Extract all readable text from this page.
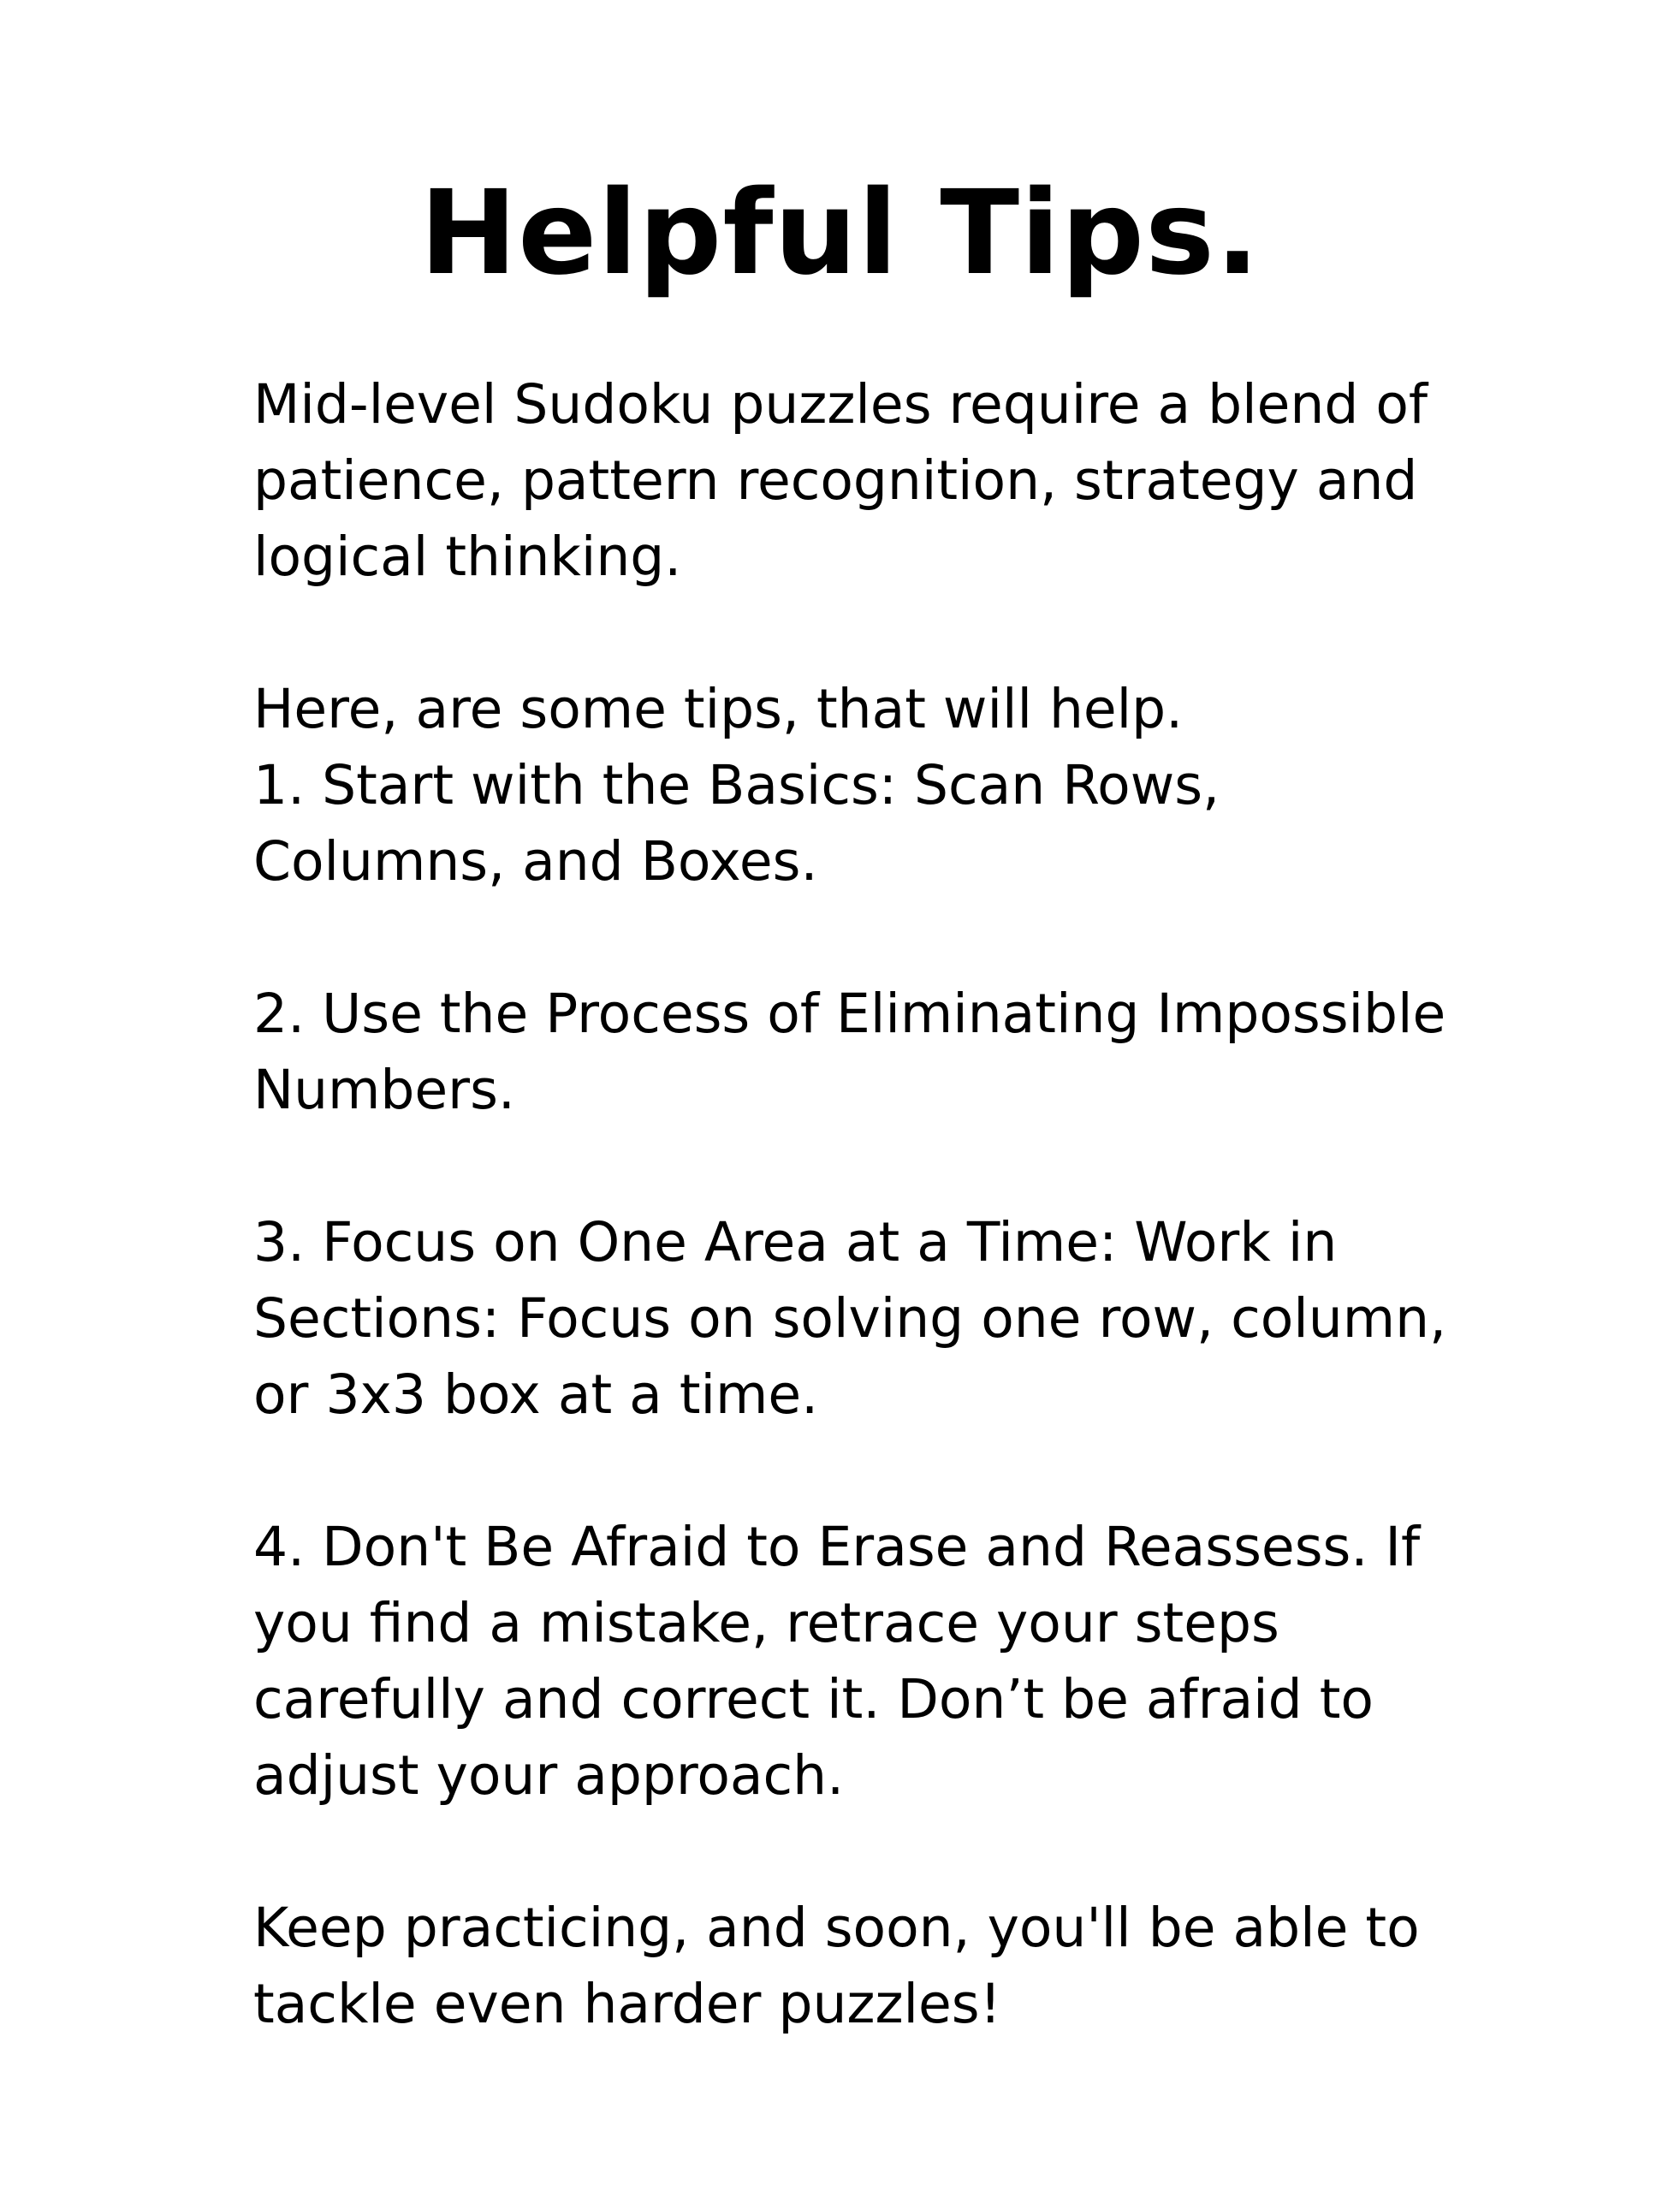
Helpful Tips.

Mid-level Sudoku puzzles require a blend of
patience, pattern recognition, strategy and
logical thinking.

Here, are some tips, that will help.
1. Start with the Basics: Scan Rows,
Columns, and Boxes.

2. Use the Process of Eliminating Impossible
Numbers.

3. Focus on One Area at a Time: Work in
Sections: Focus on solving one row, column,
or 3x3 box at a time.

4. Don't Be Afraid to Erase and Reassess. If
you find a mistake, retrace your steps
carefully and correct it. Don’t be afraid to
adjust your approach.

Keep practicing, and soon, you'll be able to
tackle even harder puzzles!
